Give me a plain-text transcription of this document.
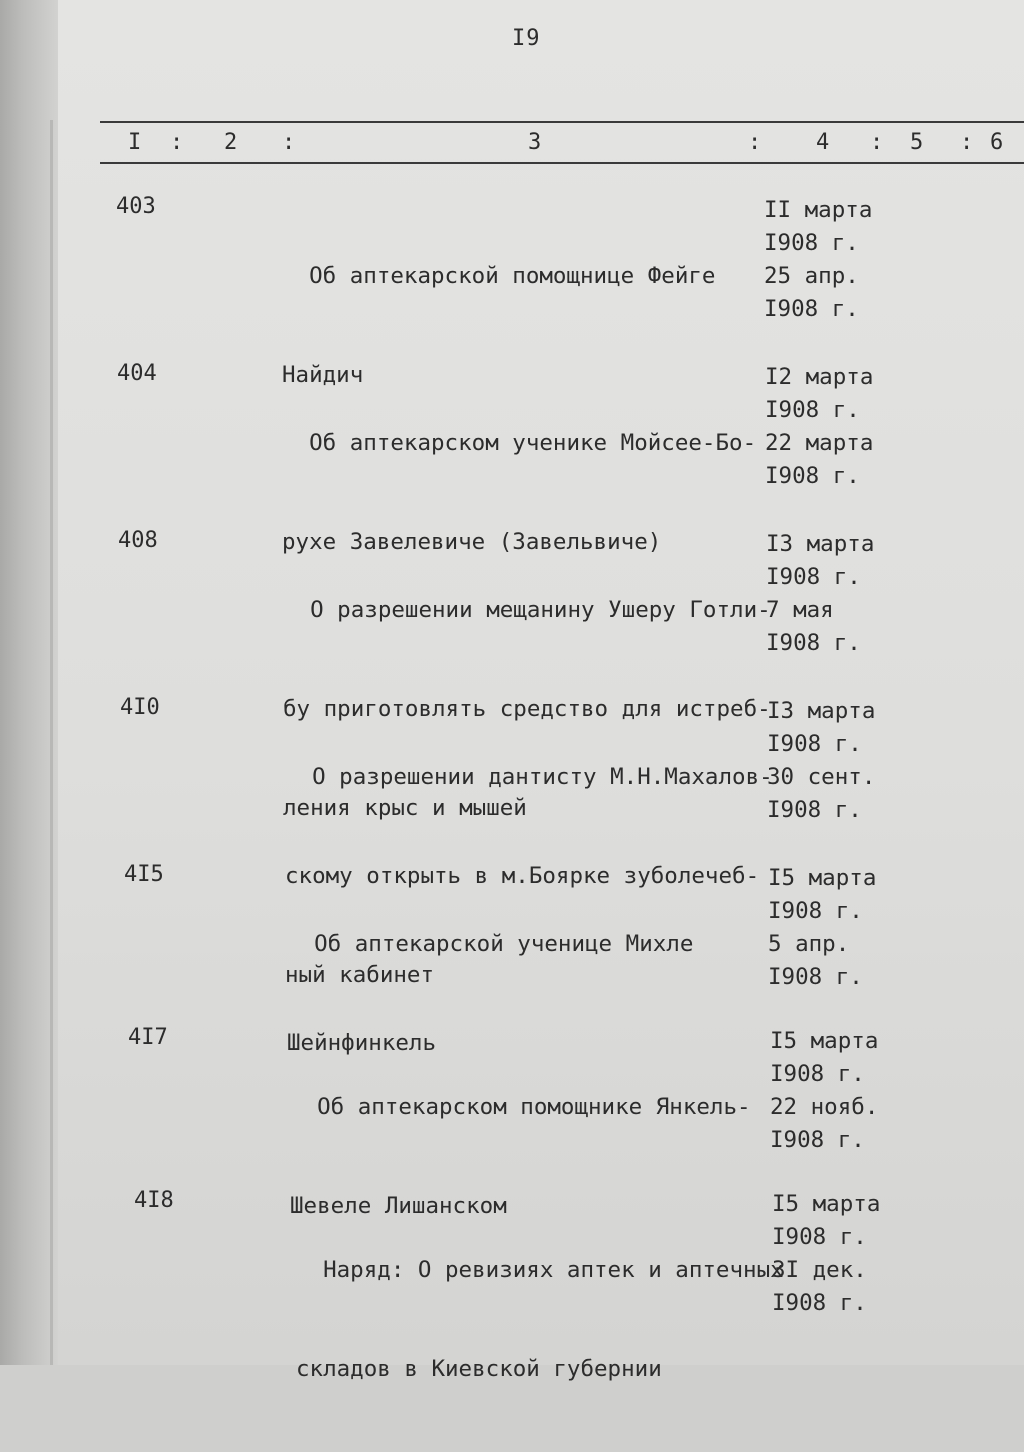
I9
I : 2 :	3	: 4 : 5 : 6
403

Об аптекарской помощнице Фейге

Найдич

II марта
I908 г.
25 апр.
I908 г.
404

Об аптекарском ученике Мойсее-Бо-

рухе Завелевиче (Завельвиче)

I2 марта
I908 г.
22 марта
I908 г.
408

О разрешении мещанину Ушеру Готли-

бу приготовлять средство для истреб-

ления крыс и мышей

I3 марта
I908 г.
7 мая
I908 г.
4I0

О разрешении дантисту М.Н.Махалов-

скому открыть в м.Боярке зуболечеб-

ный кабинет

I3 марта
I908 г.
30 сент.
I908 г.
4I5

Об аптекарской ученице Михле

Шейнфинкель

I5 марта
I908 г.
5 апр.
I908 г.
4I7

Об аптекарском помощнике Янкель-

Шевеле Лишанском

I5 марта
I908 г.
22 нояб.
I908 г.
4I8

Наряд: О ревизиях аптек и аптечных

складов в Киевской губернии

I5 марта
I908 г.
3I дек.
I908 г.
